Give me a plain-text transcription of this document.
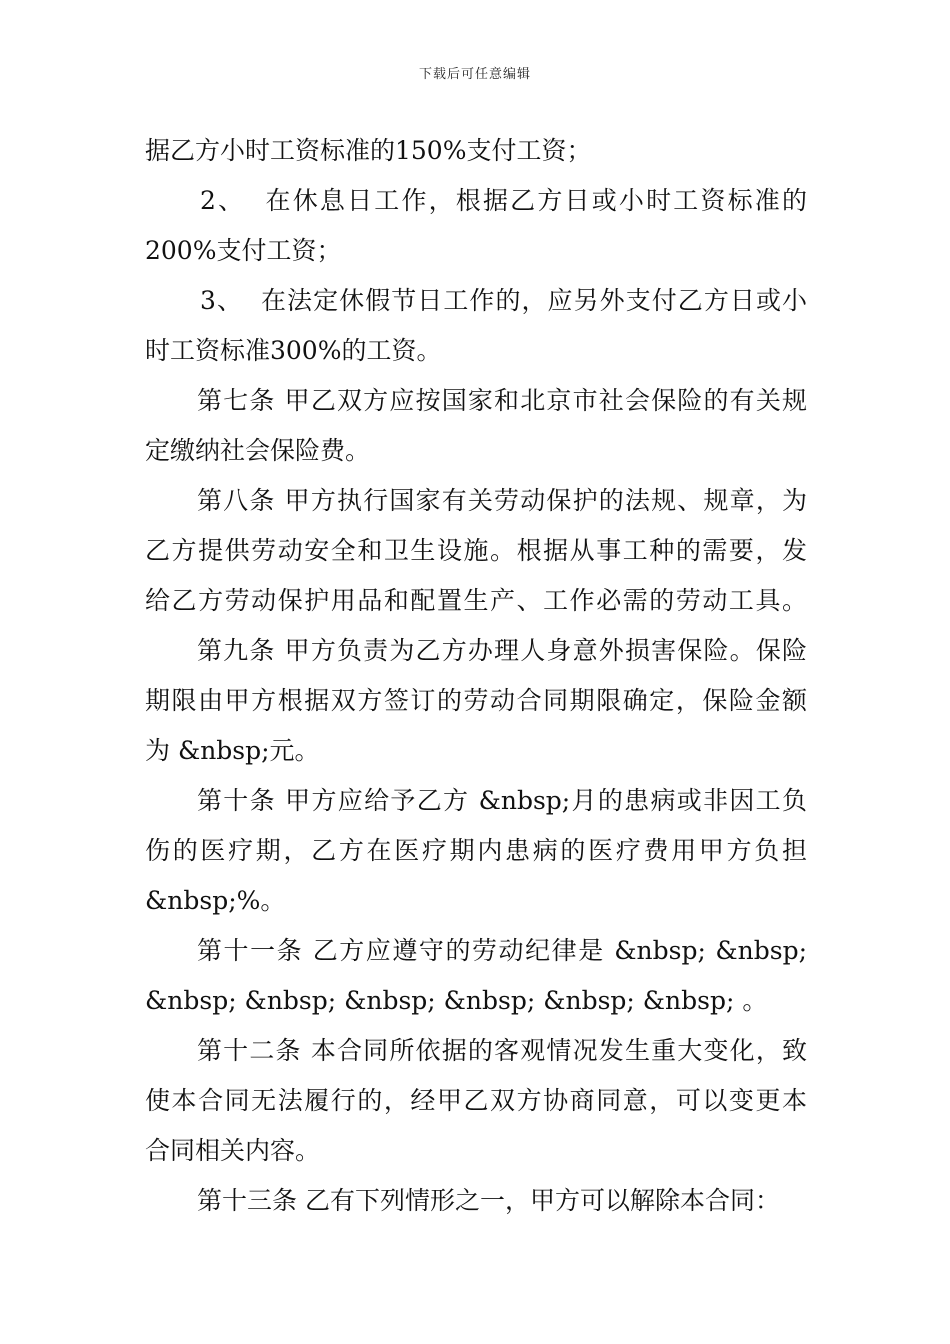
下载后可任意编辑
据乙方小时工资标准的150%支付工资；
2、  在休息日工作，根据乙方日或小时工资标准的
200%支付工资；
3、  在法定休假节日工作的，应另外支付乙方日或小
时工资标准300%的工资。
第七条 甲乙双方应按国家和北京市社会保险的有关规
定缴纳社会保险费。
第八条 甲方执行国家有关劳动保护的法规、规章，为
乙方提供劳动安全和卫生设施。根据从事工种的需要，发
给乙方劳动保护用品和配置生产、工作必需的劳动工具。
第九条 甲方负责为乙方办理人身意外损害保险。保险
期限由甲方根据双方签订的劳动合同期限确定，保险金额
为 &nbsp;元。
第十条 甲方应给予乙方 &nbsp;月的患病或非因工负
伤的医疗期，乙方在医疗期内患病的医疗费用甲方负担
&nbsp;%。
第十一条 乙方应遵守的劳动纪律是 &nbsp; &nbsp;
&nbsp; &nbsp; &nbsp; &nbsp; &nbsp; &nbsp; 。
第十二条 本合同所依据的客观情况发生重大变化，致
使本合同无法履行的，经甲乙双方协商同意，可以变更本
合同相关内容。
第十三条 乙有下列情形之一，甲方可以解除本合同：
